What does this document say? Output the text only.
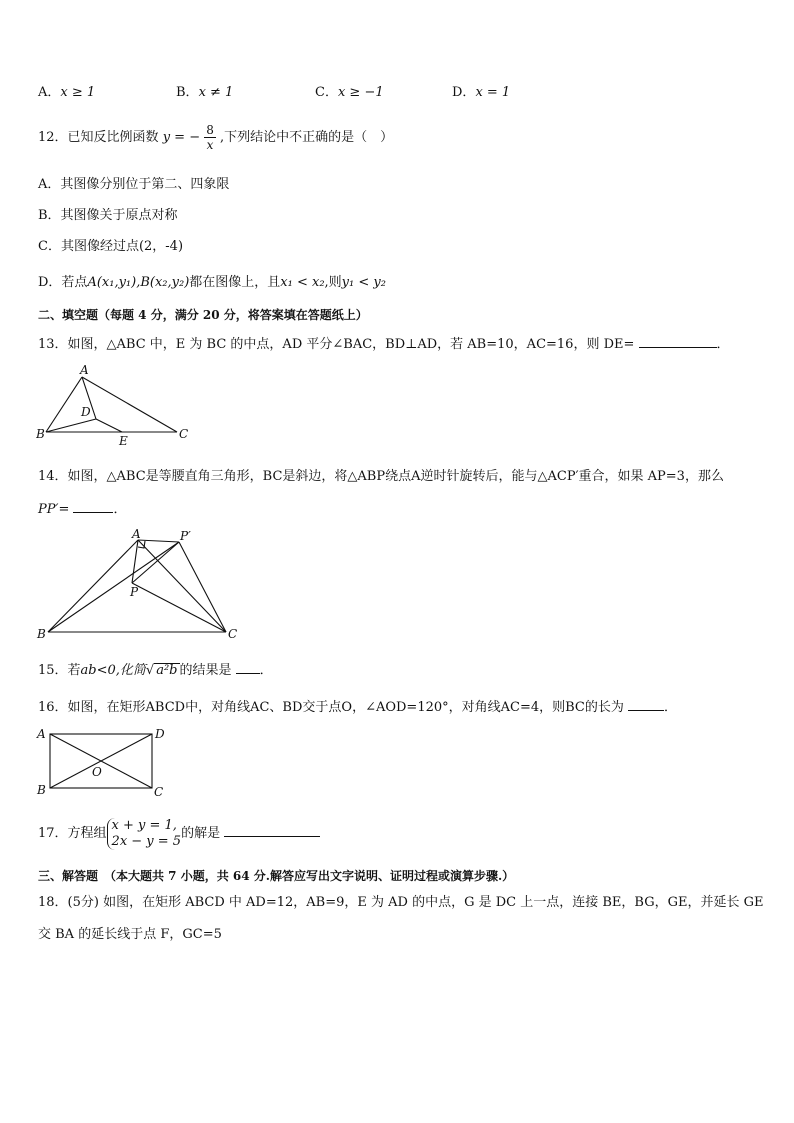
A．x ≥ 1	B．x ≠ 1	C．x ≥ −1	D．x = 1
12．已知反比例函数 y = − $\frac{8}{x}$ ,下列结论中不正确的是（　）
A．其图像分别位于第二、四象限
B．其图像关于原点对称
C．其图像经过点(2，-4)
D．若点A(x₁,y₁),B(x₂,y₂)都在图像上，且x₁ < x₂,则y₁ < y₂
二、填空题（每题 4 分，满分 20 分，将答案填在答题纸上）
13．如图，△ABC 中，E 为 BC 的中点，AD 平分∠BAC，BD⊥AD，若 AB=10，AC=16，则 DE=	．
A
B	C
D
E
14．如图，△ABC是等腰直角三角形，BC是斜边，将△ABP绕点A逆时针旋转后，能与△ACP′重合，如果 AP=3，那么
PP′=	．
A	P′
P
B	C
15．若ab<0,化简√ a²b 的结果是 ．
16．如图，在矩形ABCD中，对角线AC、BD交于点O，∠AOD=120°，对角线AC=4，则BC的长为	．
A	D
B	C
O
17．方程组
x + y = 1,
2x − y = 5 的解是
三、解答题　（本大题共 7 小题，共 64 分.解答应写出文字说明、证明过程或演算步骤.）
18．(5分) 如图，在矩形 ABCD 中 AD=12，AB=9，E 为 AD 的中点，G 是 DC 上一点，连接 BE，BG，GE，并延长 GE
交 BA 的延长线于点 F，GC=5
